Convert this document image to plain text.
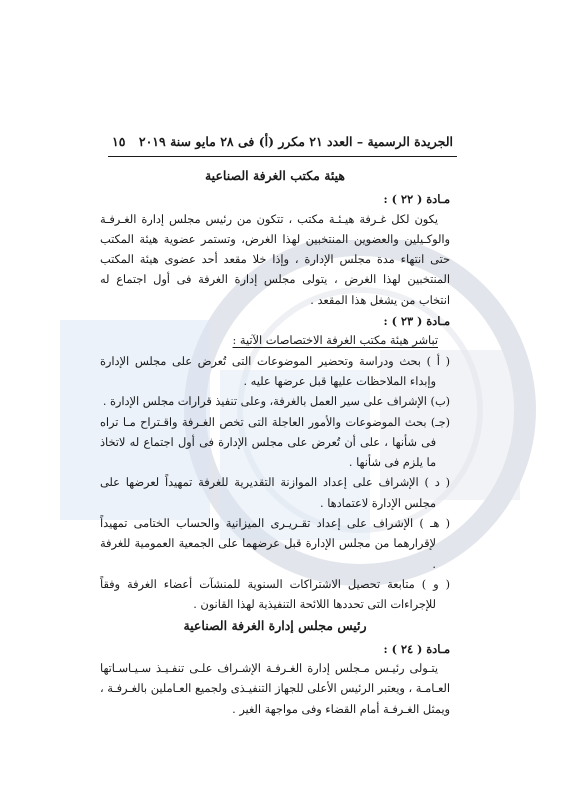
الجريدة الرسمية – العدد ٢١ مكرر (أ) فى ٢٨ مايو سنة ٢٠١٩
١٥
هيئة مكتب الغرفة الصناعية
مـادة ( ٢٢ ) :

يكون لكل غـرفة هيـئـة مكتب ، تتكون من رئيس مجلس إدارة الغـرفـة والوكـيلين والعضوين المنتخبين لهذا الغرض، وتستمر عضوية هيئة المكتب حتى انتهاء مدة مجلس الإدارة ، وإذا خلا مقعد أحد عضوى هيئة المكتب المنتخبين لهذا الغرض ، يتولى مجلس إدارة الغرفة فى أول اجتماع له انتخاب من يشغل هذا المقعد .

مـادة ( ٢٣ ) :

تباشر هيئة مكتب الغرفة الاختصاصات الآتية :

( أ ) بحث ودراسة وتحضير الموضوعات التى تُعرض على مجلس الإدارة وإبداء الملاحظات عليها قبل عرضها عليه .

(ب) الإشراف على سير العمل بالغرفة، وعلى تنفيذ قرارات مجلس الإدارة .

(جـ) بحث الموضوعات والأمور العاجلة التى تخص الغـرفة واقـتراح مـا تراه فى شأنها ، على أن تُعرض على مجلس الإدارة فى أول اجتماع له لاتخاذ ما يلزم فى شأنها .

( د ) الإشراف على إعداد الموازنة التقديرية للغرفة تمهيداً لعرضها على مجلس الإدارة لاعتمادها .

( هـ ) الإشراف على إعداد تقـريـرى الميزانية والحساب الختامى تمهيداً لإقرارهما من مجلس الإدارة قبل عرضهما على الجمعية العمومية للغرفة .

( و ) متابعة تحصيل الاشتراكات السنوية للمنشآت أعضاء الغرفة وفقاً للإجراءات التى تحددها اللائحة التنفيذية لهذا القانون .

رئيس مجلس إدارة الغرفة الصناعية
مـادة ( ٢٤ ) :

يتـولى رئيـس مـجلس إدارة الغـرفـة الإشـراف علـى تنفـيـذ سـيـاسـاتها العـامـة ، ويعتبر الرئيس الأعلى للجهاز التنفيـذى ولجميع العـاملين بالغـرفـة ، ويمثل الغـرفـة أمام القضاء وفى مواجهة الغير .
